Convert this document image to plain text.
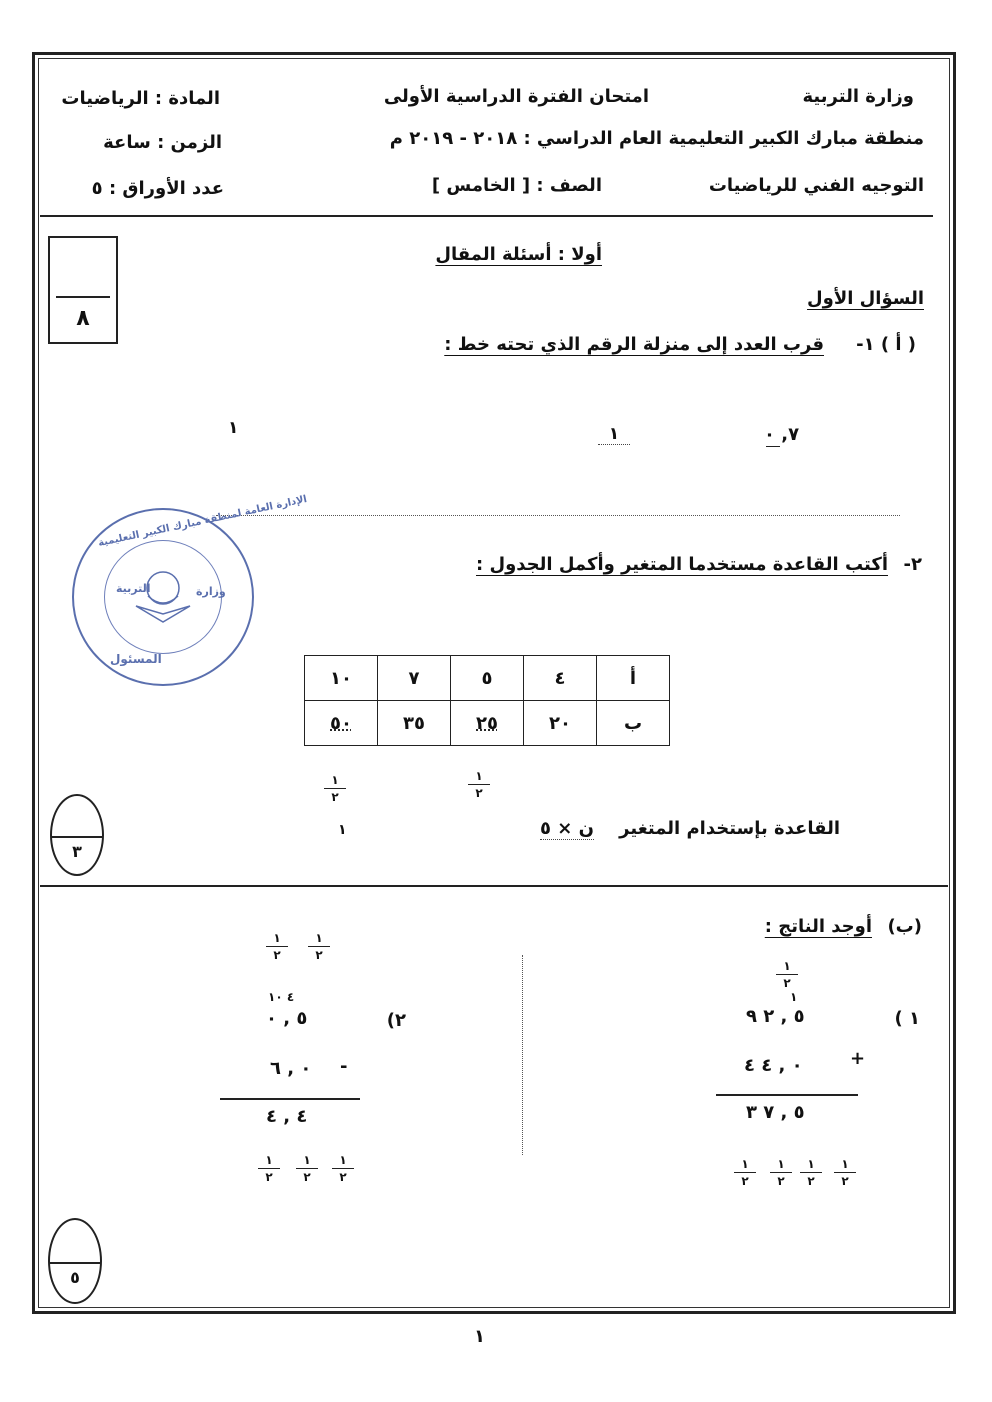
وزارة التربية
منطقة مبارك الكبير التعليمية
التوجيه الفني للرياضيات
امتحان الفترة الدراسية الأولى
العام الدراسي : ٢٠١٨ - ٢٠١٩ م
الصف : [ الخامس ]
المادة : الرياضيات
الزمن : ساعة
عدد الأوراق : ٥
٨
أولا : أسئلة المقال
السؤال الأول
( أ ) ١-
قرب العدد إلى منزلة الرقم الذي تحته خط :
٧, ٠
١
١
الإدارة العامة لمنطقة مبارك الكبير التعليمية
التربية	وزارة
المسئول
٢-
أكتب القاعدة مستخدما المتغير وأكمل الجدول :
أ	٤	٥	٧	١٠
ب	٢٠	٢٥	٣٥	٥٠
١
٢
١
٢
١	القاعدة بإستخدام المتغير
ن × ٥
٣
(ب)
أوجد الناتج :
١ )
١
٢
١
٥ , ٢ ٩
٠ , ٤ ٤	+
٥ , ٧ ٣
١
٢
١
٢
١
٢
١
٢
٢)
١
٢
١
٢
٤ ١٠
٥ , ٠
٠ , ٦ -
٤ , ٤
١
٢
١
٢
١
٢
٥
١
